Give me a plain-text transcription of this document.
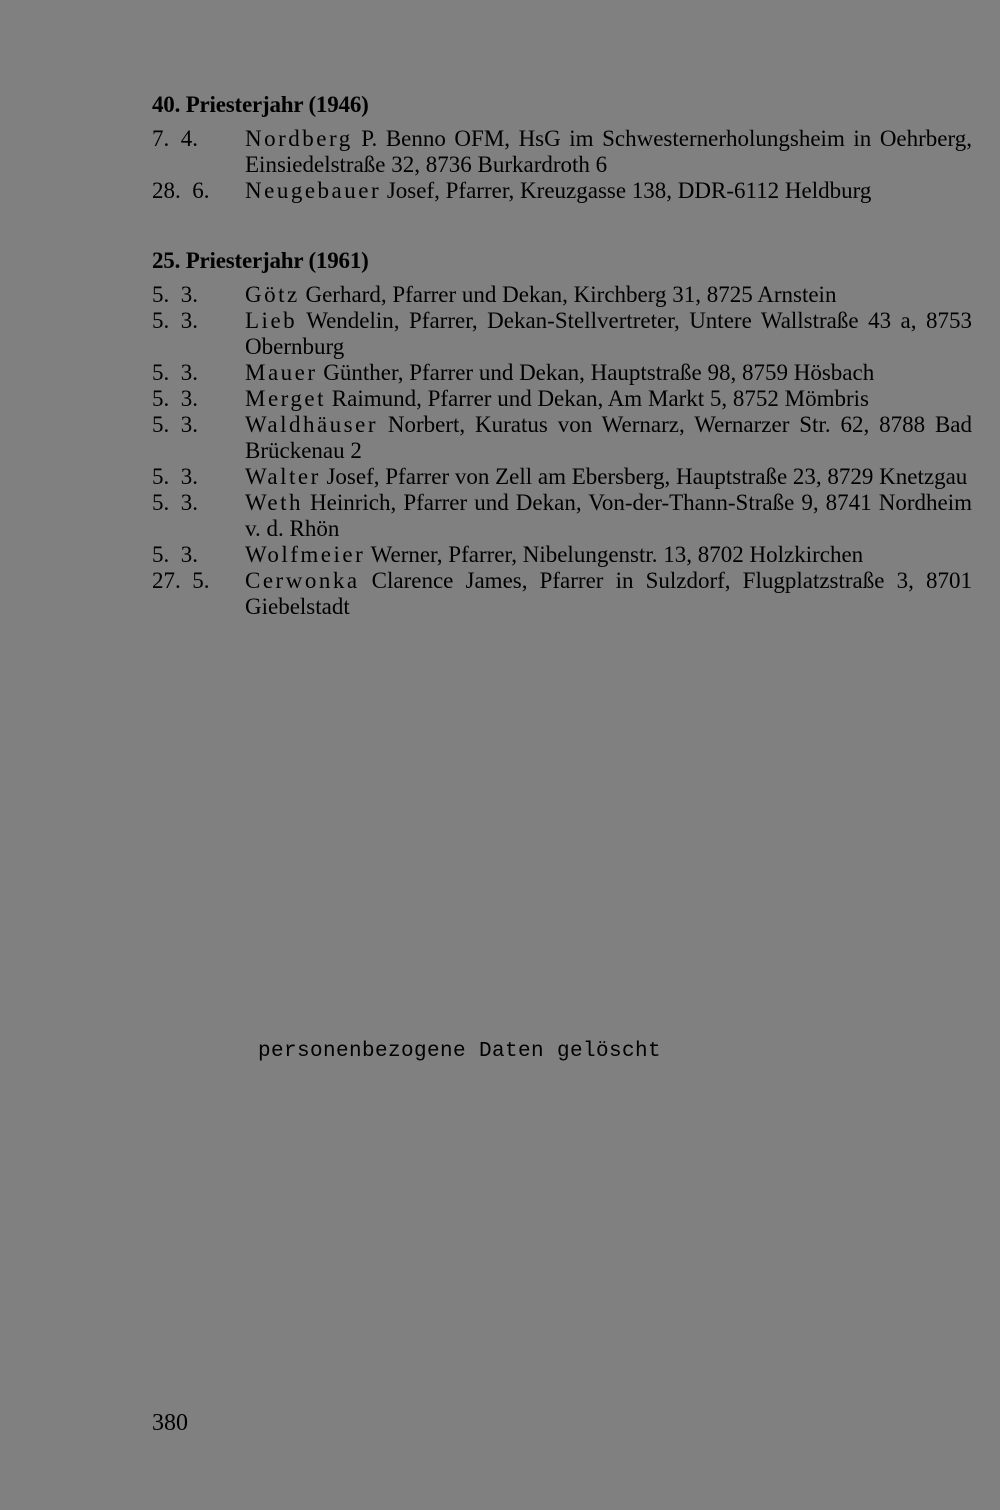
40. Priesterjahr (1946)
7.  4.	Nordberg P. Benno OFM, HsG im Schwesternerholungsheim in Oehrberg, Einsiedelstraße 32, 8736 Burkardroth 6
28.  6.	Neugebauer Josef, Pfarrer, Kreuzgasse 138, DDR-6112 Heldburg
25. Priesterjahr (1961)
5.  3.	Götz Gerhard, Pfarrer und Dekan, Kirchberg 31, 8725 Arnstein
5.  3.	Lieb Wendelin, Pfarrer, Dekan-Stellvertreter, Untere Wallstraße 43 a, 8753 Obernburg
5.  3.	Mauer Günther, Pfarrer und Dekan, Hauptstraße 98, 8759 Hösbach
5.  3.	Merget Raimund, Pfarrer und Dekan, Am Markt 5, 8752 Mömbris
5.  3.	Waldhäuser Norbert, Kuratus von Wernarz, Wernarzer Str. 62, 8788 Bad Brückenau 2
5.  3.	Walter Josef, Pfarrer von Zell am Ebersberg, Hauptstraße 23, 8729 Knetzgau
5.  3.	Weth Heinrich, Pfarrer und Dekan, Von-der-Thann-Straße 9, 8741 Nordheim v. d. Rhön
5.  3.	Wolfmeier Werner, Pfarrer, Nibelungenstr. 13, 8702 Holzkirchen
27.  5.	Cerwonka Clarence James, Pfarrer in Sulzdorf, Flugplatzstraße 3, 8701 Giebelstadt
personenbezogene Daten gelöscht
380
